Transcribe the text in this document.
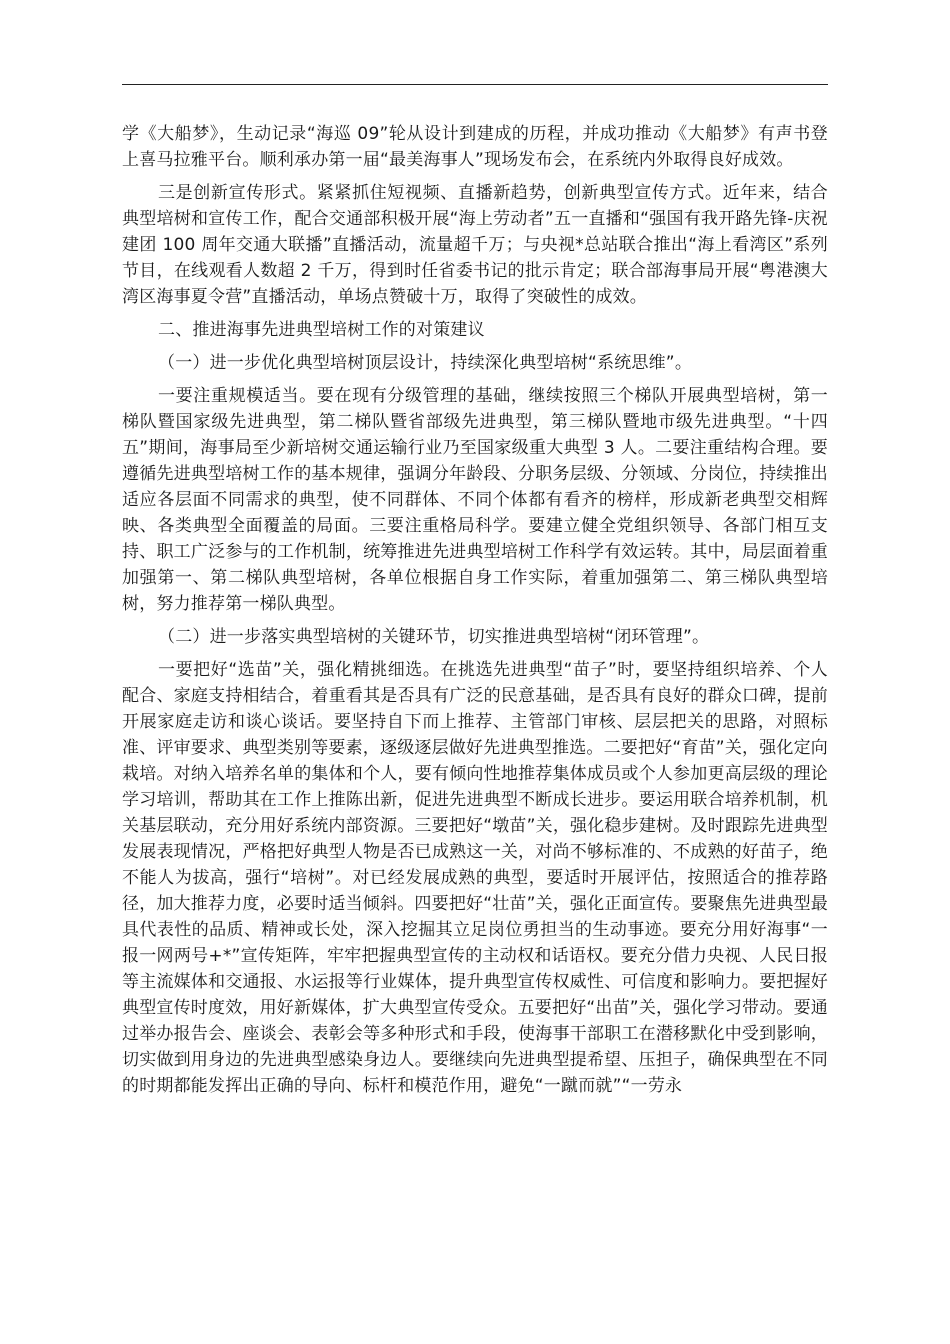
学《大船梦》，生动记录“海巡 09”轮从设计到建成的历程，并成功推动《大船梦》有声书登上喜马拉雅平台。顺利承办第一届“最美海事人”现场发布会，在系统内外取得良好成效。

三是创新宣传形式。紧紧抓住短视频、直播新趋势，创新典型宣传方式。近年来，结合典型培树和宣传工作，配合交通部积极开展“海上劳动者”五一直播和“强国有我开路先锋-庆祝建团 100 周年交通大联播”直播活动，流量超千万；与央视*总站联合推出“海上看湾区”系列节目，在线观看人数超 2 千万，得到时任省委书记的批示肯定；联合部海事局开展“粤港澳大湾区海事夏令营”直播活动，单场点赞破十万，取得了突破性的成效。

二、推进海事先进典型培树工作的对策建议

（一）进一步优化典型培树顶层设计，持续深化典型培树“系统思维”。

一要注重规模适当。要在现有分级管理的基础，继续按照三个梯队开展典型培树，第一梯队暨国家级先进典型，第二梯队暨省部级先进典型，第三梯队暨地市级先进典型。“十四五”期间，海事局至少新培树交通运输行业乃至国家级重大典型 3 人。二要注重结构合理。要遵循先进典型培树工作的基本规律，强调分年龄段、分职务层级、分领域、分岗位，持续推出适应各层面不同需求的典型，使不同群体、不同个体都有看齐的榜样，形成新老典型交相辉映、各类典型全面覆盖的局面。三要注重格局科学。要建立健全党组织领导、各部门相互支持、职工广泛参与的工作机制，统筹推进先进典型培树工作科学有效运转。其中，局层面着重加强第一、第二梯队典型培树，各单位根据自身工作实际，着重加强第二、第三梯队典型培树，努力推荐第一梯队典型。

（二）进一步落实典型培树的关键环节，切实推进典型培树“闭环管理”。

一要把好“选苗”关，强化精挑细选。在挑选先进典型“苗子”时，要坚持组织培养、个人配合、家庭支持相结合，着重看其是否具有广泛的民意基础，是否具有良好的群众口碑，提前开展家庭走访和谈心谈话。要坚持自下而上推荐、主管部门审核、层层把关的思路，对照标准、评审要求、典型类别等要素，逐级逐层做好先进典型推选。二要把好“育苗”关，强化定向栽培。对纳入培养名单的集体和个人，要有倾向性地推荐集体成员或个人参加更高层级的理论学习培训，帮助其在工作上推陈出新，促进先进典型不断成长进步。要运用联合培养机制，机关基层联动，充分用好系统内部资源。三要把好“墩苗”关，强化稳步建树。及时跟踪先进典型发展表现情况，严格把好典型人物是否已成熟这一关，对尚不够标准的、不成熟的好苗子，绝不能人为拔高，强行“培树”。对已经发展成熟的典型，要适时开展评估，按照适合的推荐路径，加大推荐力度，必要时适当倾斜。四要把好“壮苗”关，强化正面宣传。要聚焦先进典型最具代表性的品质、精神或长处，深入挖掘其立足岗位勇担当的生动事迹。要充分用好海事“一报一网两号+*”宣传矩阵，牢牢把握典型宣传的主动权和话语权。要充分借力央视、人民日报等主流媒体和交通报、水运报等行业媒体，提升典型宣传权威性、可信度和影响力。要把握好典型宣传时度效，用好新媒体，扩大典型宣传受众。五要把好“出苗”关，强化学习带动。要通过举办报告会、座谈会、表彰会等多种形式和手段，使海事干部职工在潜移默化中受到影响，切实做到用身边的先进典型感染身边人。要继续向先进典型提希望、压担子，确保典型在不同的时期都能发挥出正确的导向、标杆和模范作用，避免“一蹴而就”“一劳永
